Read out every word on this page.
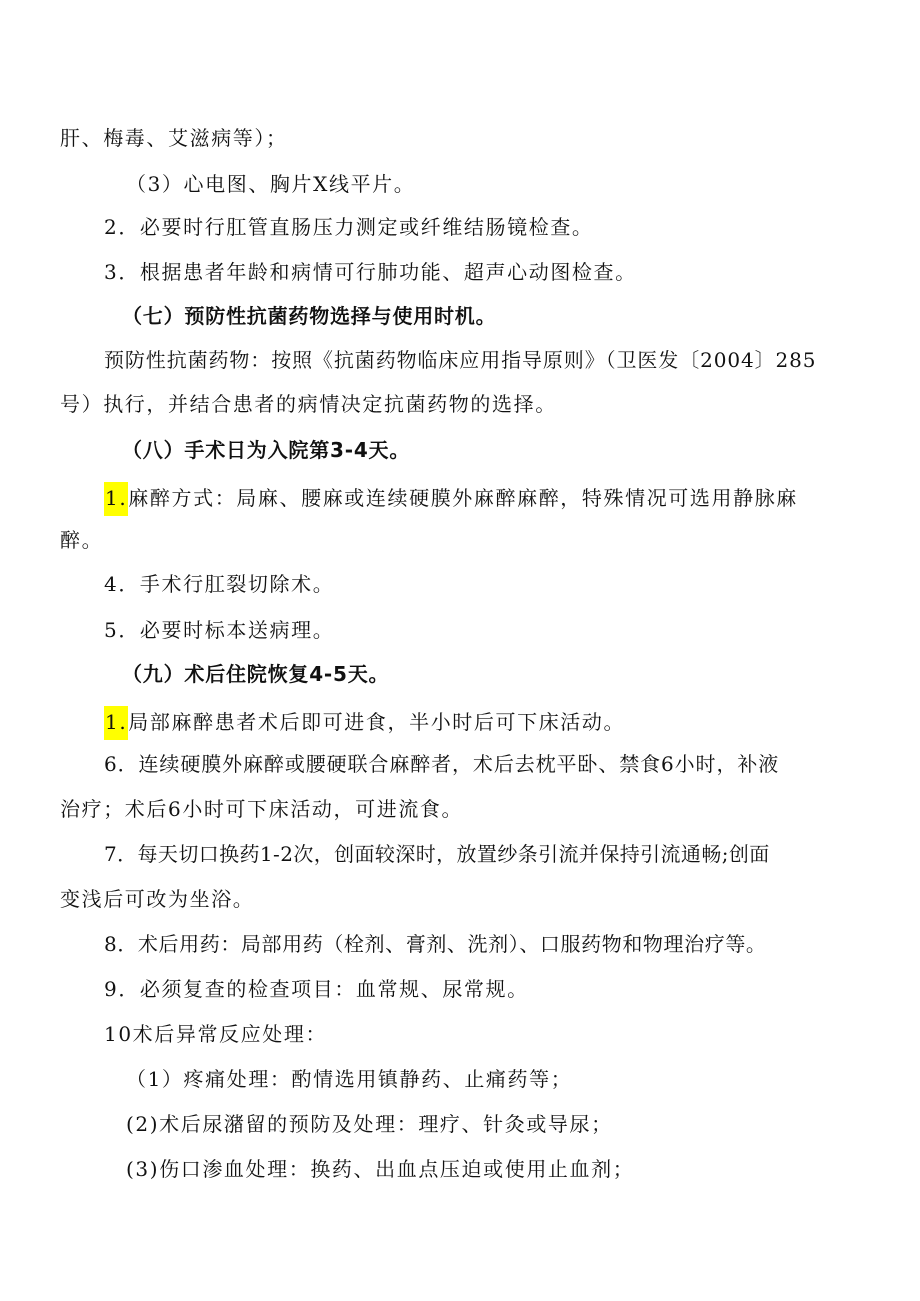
肝、梅毒、艾滋病等）；
（3）心电图、胸片X线平片。
2．必要时行肛管直肠压力测定或纤维结肠镜检查。
3．根据患者年龄和病情可行肺功能、超声心动图检查。
（七）预防性抗菌药物选择与使用时机。
预防性抗菌药物：按照《抗菌药物临床应用指导原则》（卫医发〔2004〕285
号）执行，并结合患者的病情决定抗菌药物的选择。
（八）手术日为入院第3-4天。
1.麻醉方式：局麻、腰麻或连续硬膜外麻醉麻醉，特殊情况可选用静脉麻
醉。
4．手术行肛裂切除术。
5．必要时标本送病理。
（九）术后住院恢复4-5天。
1.局部麻醉患者术后即可进食，半小时后可下床活动。
6．连续硬膜外麻醉或腰硬联合麻醉者，术后去枕平卧、禁食6小时，补液
治疗；术后6小时可下床活动，可进流食。
7．每天切口换药1-2次，创面较深时，放置纱条引流并保持引流通畅;创面
变浅后可改为坐浴。
8．术后用药：局部用药（栓剂、膏剂、洗剂）、口服药物和物理治疗等。
9．必须复查的检查项目：血常规、尿常规。
10术后异常反应处理：
（1）疼痛处理：酌情选用镇静药、止痛药等；
(2)术后尿潴留的预防及处理：理疗、针灸或导尿；
(3)伤口渗血处理：换药、出血点压迫或使用止血剂；
